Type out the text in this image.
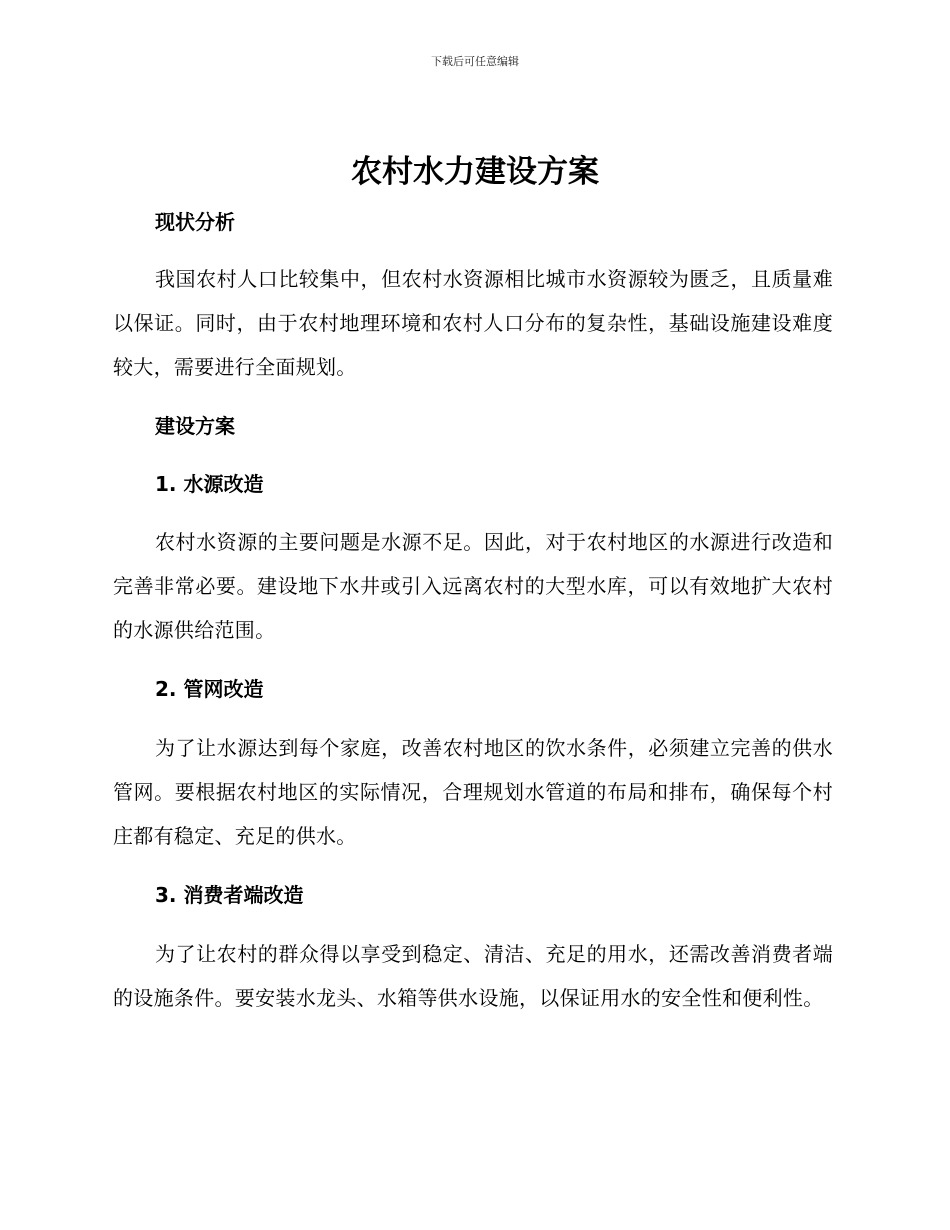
下载后可任意编辑
农村水力建设方案
现状分析

我国农村人口比较集中，但农村水资源相比城市水资源较为匮乏，且质量难以保证。同时，由于农村地理环境和农村人口分布的复杂性，基础设施建设难度较大，需要进行全面规划。

建设方案
1. 水源改造

农村水资源的主要问题是水源不足。因此，对于农村地区的水源进行改造和完善非常必要。建设地下水井或引入远离农村的大型水库，可以有效地扩大农村的水源供给范围。

2. 管网改造

为了让水源达到每个家庭，改善农村地区的饮水条件，必须建立完善的供水管网。要根据农村地区的实际情况，合理规划水管道的布局和排布，确保每个村庄都有稳定、充足的供水。

3. 消费者端改造

为了让农村的群众得以享受到稳定、清洁、充足的用水，还需改善消费者端的设施条件。要安装水龙头、水箱等供水设施，以保证用水的安全性和便利性。
